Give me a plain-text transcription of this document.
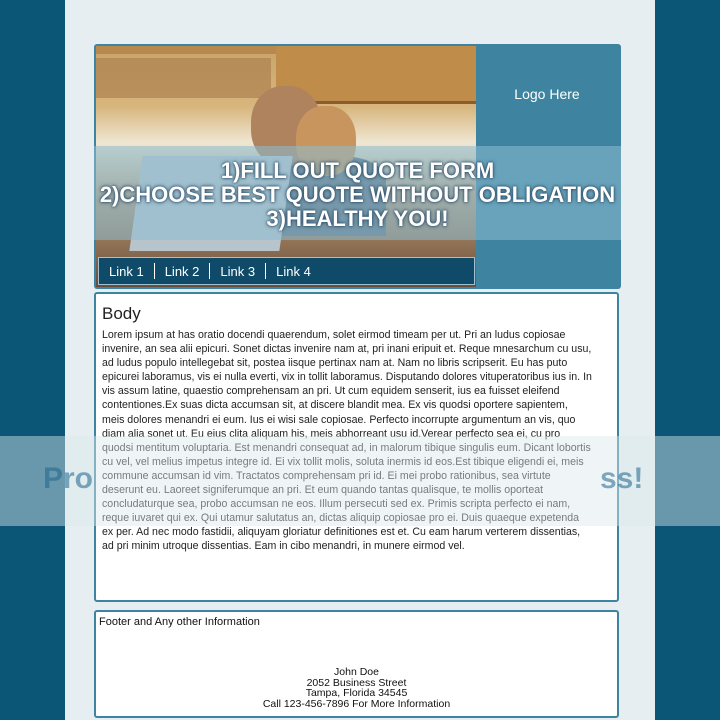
Logo Here
1)FILL OUT QUOTE FORM
2)CHOOSE BEST QUOTE WITHOUT OBLIGATION
3)HEALTHY YOU!
Link 1	Link 2	Link 3	Link 4
Body
Lorem ipsum at has oratio docendi quaerendum, solet eirmod timeam per ut. Pri an ludus copiosae invenire, an sea alii epicuri. Sonet dictas invenire nam at, pri inani eripuit et. Reque mnesarchum cu usu, ad ludus populo intellegebat sit, postea iisque pertinax nam at. Nam no libris scripserit. Eu has puto epicurei laboramus, vis ei nulla everti, vix in tollit laboramus. Disputando dolores vituperatoribus ius in. In vis assum latine, quaestio comprehensam an pri. Ut cum equidem senserit, ius ea fuisset eleifend contentiones.Ex suas dicta accumsan sit, at discere blandit mea. Ex vis quodsi oportere sapientem, meis dolores menandri ei eum. Ius ei wisi sale copiosae. Perfecto incorrupte argumentum an vis, quo diam alia sonet ut. Eu eius clita aliquam his, meis abhorreant usu id.Verear perfecto sea ei, cu pro quodsi mentitum voluptaria. Est menandri consequat ad, in malorum tibique singulis eum. Dicant lobortis cu vel, vel melius impetus integre id. Ei vix tollit molis, soluta inermis id eos.Est tibique eligendi ei, meis commune accumsan id vim. Tractatos comprehensam pri id. Ei mei probo rationibus, sea virtute deserunt eu. Laoreet signiferumque an pri. Et eum quando tantas qualisque, te mollis oporteat concludaturque sea, probo accumsan ne eos. Illum persecuti sed ex. Primis scripta perfecto ei nam, reque iuvaret qui ex. Qui utamur salutatus an, dictas aliquip copiosae pro ei. Duis quaeque expetenda ex per. Ad nec modo fastidii, aliquyam gloriatur definitiones est et. Cu eam harum verterem dissentias, ad pri minim utroque dissentias. Eam in cibo menandri, in munere eirmod vel.
Pro	ss!
Footer and Any other Information
John Doe
2052 Business Street
Tampa, Florida 34545
Call 123-456-7896 For More Information
